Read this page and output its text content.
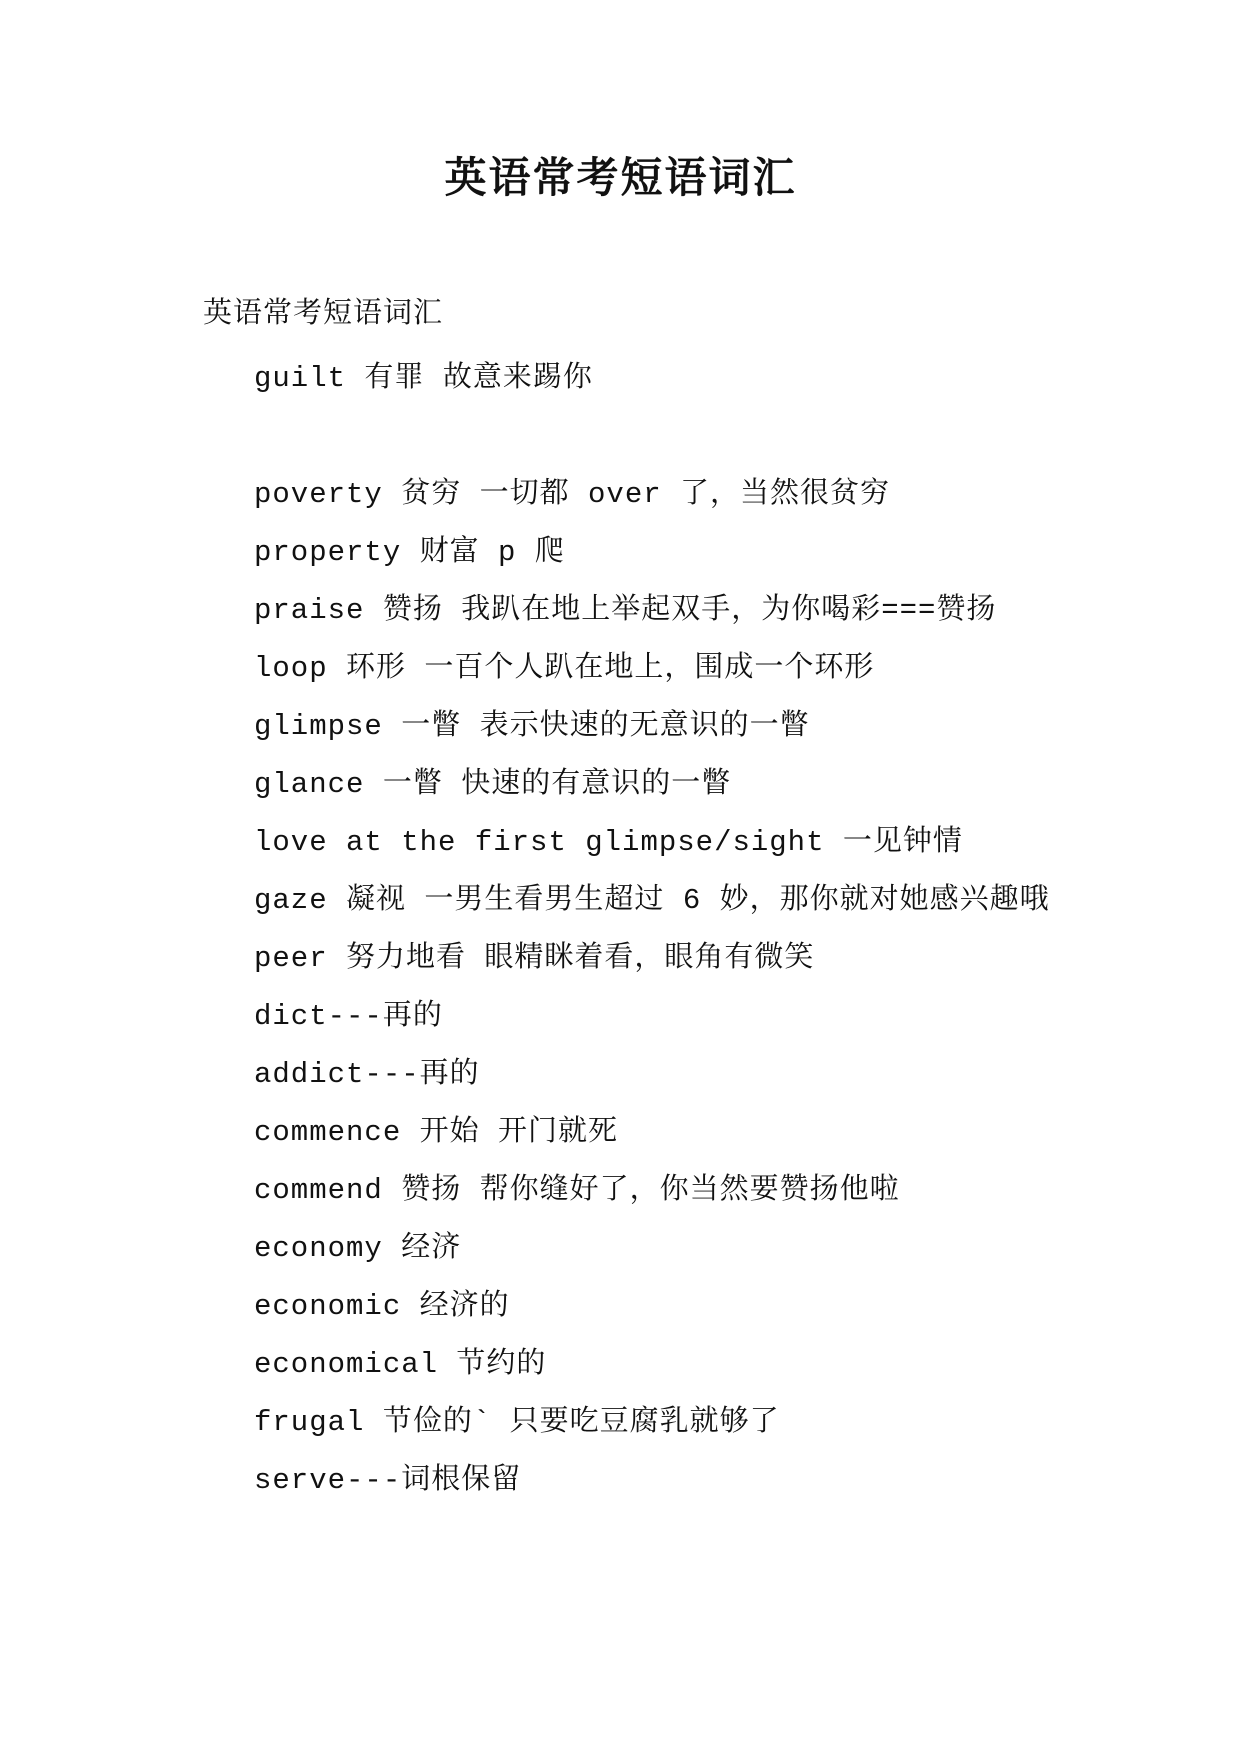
英语常考短语词汇

英语常考短语词汇

guilt 有罪 故意来踢你
poverty 贫穷 一切都 over 了，当然很贫穷
property 财富 p 爬
praise 赞扬 我趴在地上举起双手，为你喝彩===赞扬
loop 环形 一百个人趴在地上，围成一个环形
glimpse 一瞥 表示快速的无意识的一瞥
glance 一瞥 快速的有意识的一瞥
love at the first glimpse/sight 一见钟情
gaze 凝视 一男生看男生超过 6 妙，那你就对她感兴趣哦
peer 努力地看 眼精眯着看，眼角有微笑
dict---再的
addict---再的
commence 开始 开门就死
commend 赞扬 帮你缝好了，你当然要赞扬他啦
economy 经济
economic 经济的
economical 节约的
frugal 节俭的` 只要吃豆腐乳就够了
serve---词根保留
